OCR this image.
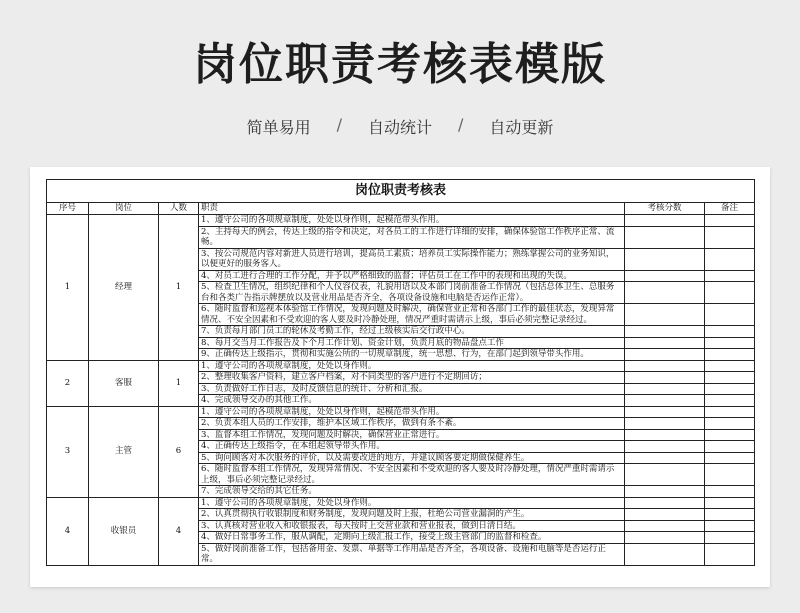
岗位职责考核表模版
简单易用 / 自动统计 / 自动更新
岗位职责考核表					
序号	岗位	人数	职责	考核分数	备注
1	经理	1	1、遵守公司的各项规章制度，处处以身作则，起模范带头作用。		
			2、主持每天的例会，传达上级的指令和决定，对各员工的工作进行详细的安排，确保体验馆工作秩序正常、流畅。		
			3、按公司规范内容对新进人员进行培训，提高员工素质；培养员工实际操作能力；熟练掌握公司的业务知识，以便更好的服务客人。		
			4、对员工进行合理的工作分配，并予以严格细致的监督；评估员工在工作中的表现和出现的失误。		
			5、检查卫生情况，组织纪律和个人仪容仪表，礼貌用语以及本部门岗前准备工作情况（包括总体卫生、总服务台和各类广告指示牌摆放以及营业用品是否齐全，各项设备设施和电脑是否运作正常）。		
			6、随时监督和巡视本体验馆工作情况，发现问题及时解决，确保营业正常和各部门工作的最佳状态，发现异常情况、不安全因素和不受欢迎的客人要及时冷静处理，情况严重时需请示上级，事后必须完整记录经过。		
			7、负责每月部门员工的轮休及考勤工作，经过上级核实后交行政中心。		
			8、每月交当月工作报告及下个月工作计划、资金计划，负责月底的物品盘点工作		
			9、正确传达上级指示，贯彻和实施公所的一切规章制度，统一思想、行为，在部门起到领导带头作用。		
2	客服	1	1、遵守公司的各项规章制度，处处以身作则。		
			2、整理收集客户资料，建立客户档案，对不同类型的客户进行不定期回访；		
			3、负责做好工作日志，及时反馈信息的统计、分析和汇报。		
			4、完成领导交办的其他工作。		
3	主管	6	1、遵守公司的各项规章制度，处处以身作则，起模范带头作用。		
			2、负责本组人员的工作安排，维护本区域工作秩序，做到有条不紊。		
			3、监督本组工作情况，发现问题及时解决，确保营业正常进行。		
			4、正确传达上级指令，在本组起领导带头作用。		
			5、询问顾客对本次服务的评价，以及需要改进的地方，并建议顾客要定期做保健养生。		
			6、随时监督本组工作情况，发现异常情况、不安全因素和不受欢迎的客人要及时冷静处理，情况严重时需请示上级，事后必须完整记录经过。		
			7、完成领导交给的其它任务。		
4	收银员	4	1、遵守公司的各项规章制度，处处以身作则。		
			2、认真贯彻执行收银制度和财务制度，发现问题及时上报，杜绝公司营业漏洞的产生。		
			3、认真核对营业收入和收银报表，每天按时上交营业款和营业报表，做到日清日结。		
			4、做好日常事务工作，服从调配，定期向上级汇报工作，接受上级主管部门的监督和检查。		
			5、做好岗前准备工作，包括备用金、发票、单据等工作用品是否齐全，各项设备、设施和电脑等是否运行正常。		
